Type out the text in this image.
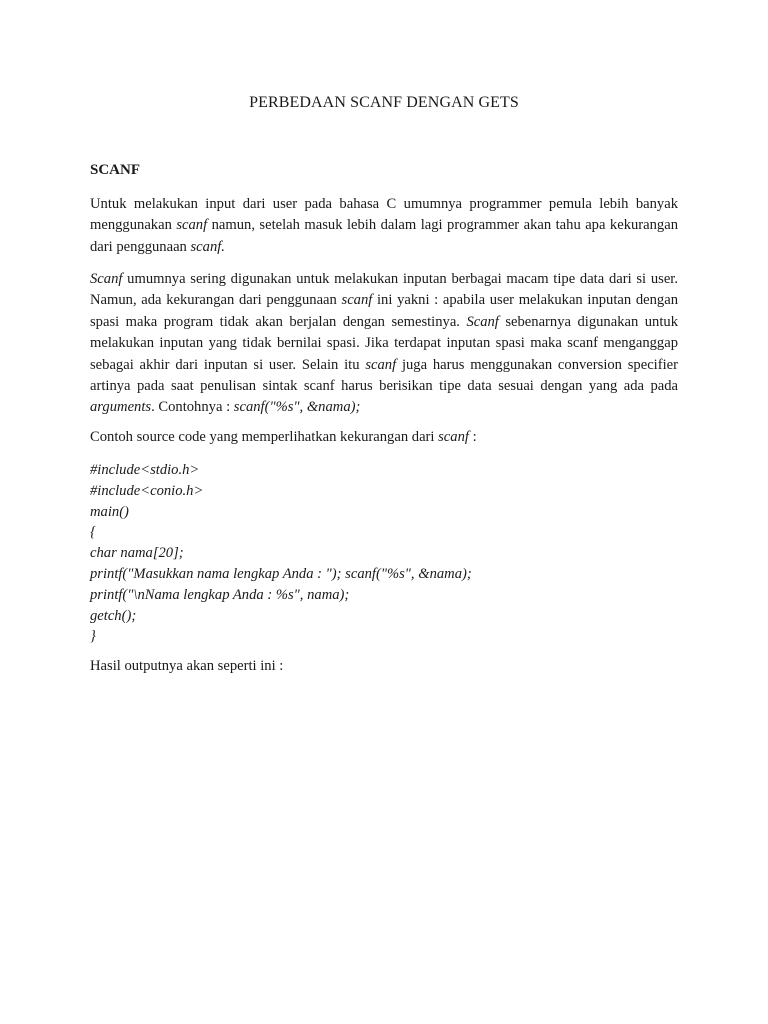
PERBEDAAN SCANF DENGAN GETS
SCANF

Untuk melakukan input dari user pada bahasa C umumnya programmer pemula lebih banyak menggunakan scanf namun, setelah masuk lebih dalam lagi programmer akan tahu apa kekurangan dari penggunaan scanf.

Scanf umumnya sering digunakan untuk melakukan inputan berbagai macam tipe data dari si user. Namun, ada kekurangan dari penggunaan scanf ini yakni : apabila user melakukan inputan dengan spasi maka program tidak akan berjalan dengan semestinya. Scanf sebenarnya digunakan untuk melakukan inputan yang tidak bernilai spasi. Jika terdapat inputan spasi maka scanf menganggap sebagai akhir dari inputan si user. Selain itu scanf juga harus menggunakan conversion specifier artinya pada saat penulisan sintak scanf harus berisikan tipe data sesuai dengan yang ada pada arguments. Contohnya : scanf("%s", &nama);

Contoh source code yang memperlihatkan kekurangan dari scanf :

#include<stdio.h>
#include<conio.h>
main()
{
char nama[20];
printf("Masukkan nama lengkap Anda : "); scanf("%s", &nama);
printf("\nNama lengkap Anda : %s", nama);
getch();
}

Hasil outputnya akan seperti ini :
